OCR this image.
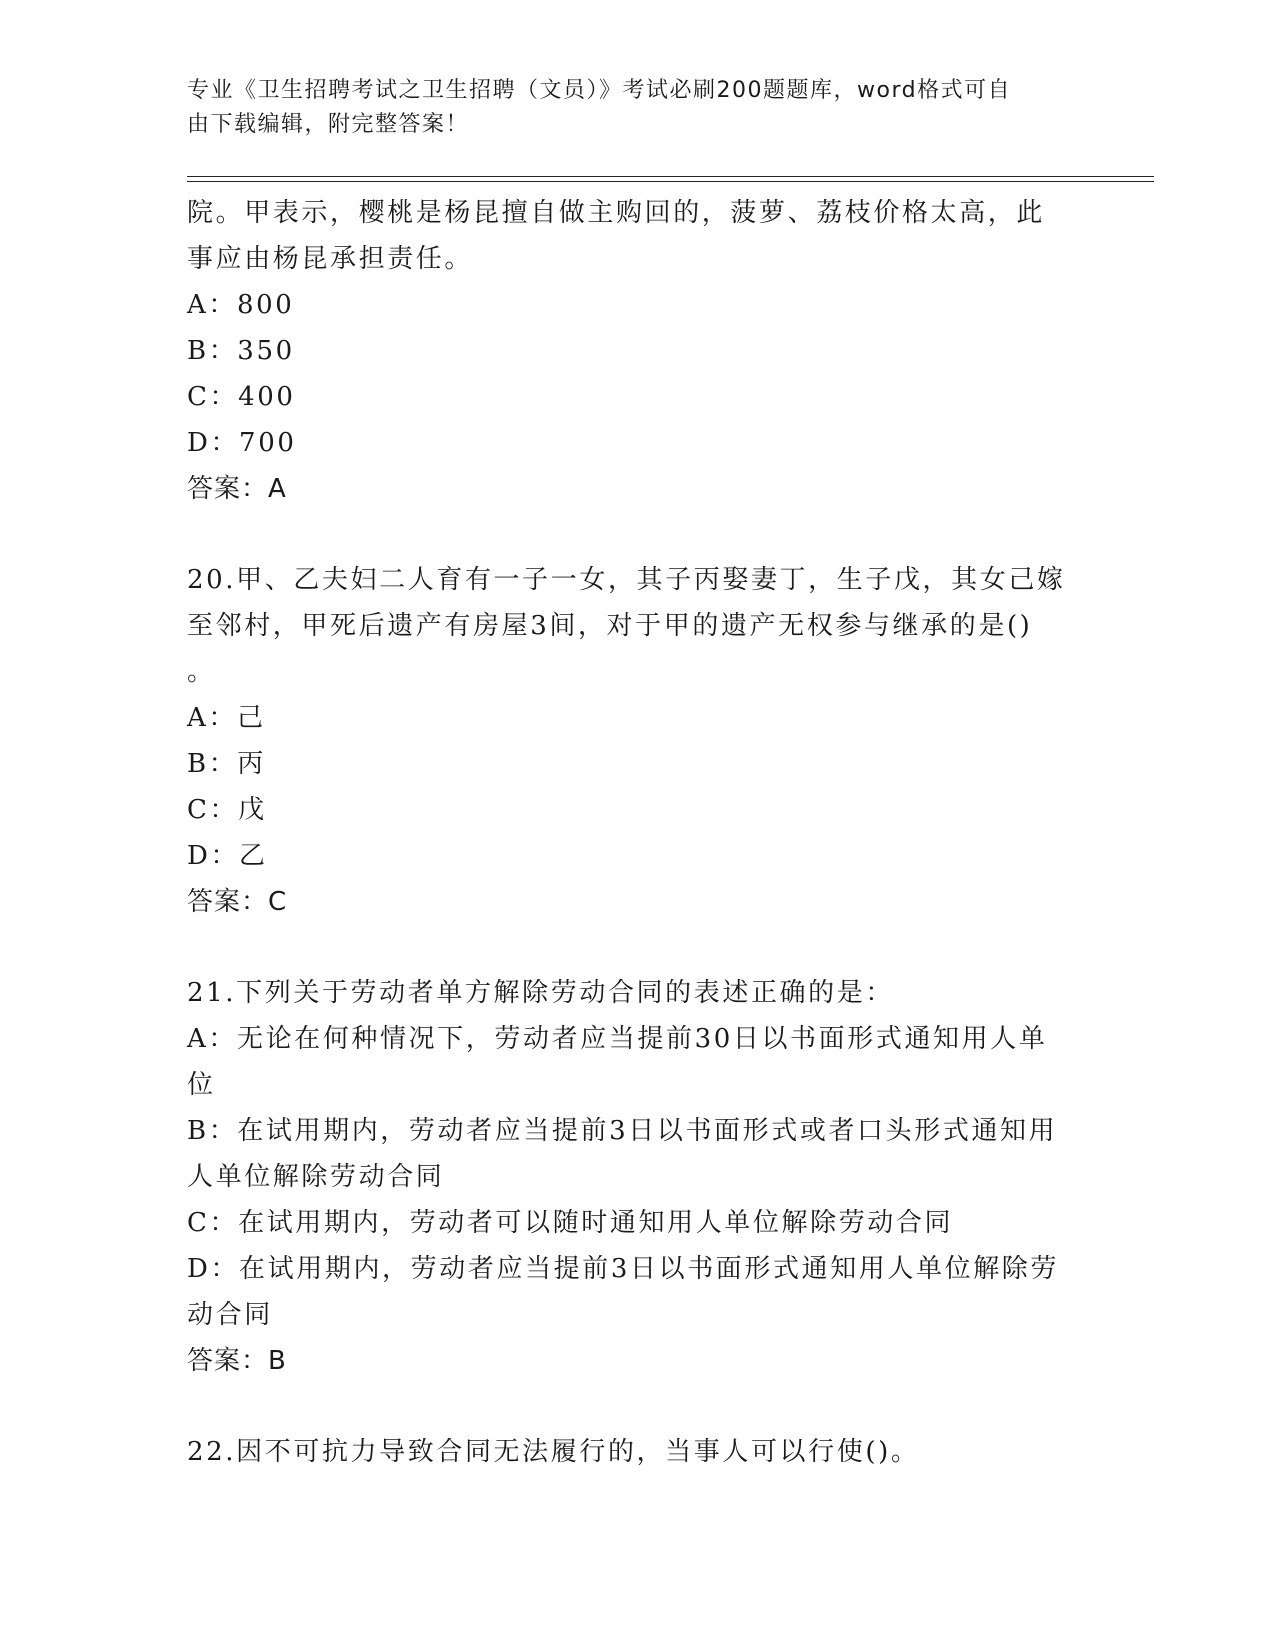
专业《卫生招聘考试之卫生招聘（文员）》考试必刷200题题库，word格式可自
由下载编辑，附完整答案！
院。甲表示，樱桃是杨昆擅自做主购回的，菠萝、荔枝价格太高，此
事应由杨昆承担责任。
A：800
B：350
C：400
D：700
答案：A
20.甲、乙夫妇二人育有一子一女，其子丙娶妻丁，生子戊，其女己嫁
至邻村，甲死后遗产有房屋3间，对于甲的遗产无权参与继承的是()
。
A：己
B：丙
C：戊
D：乙
答案：C
21.下列关于劳动者单方解除劳动合同的表述正确的是：
A：无论在何种情况下，劳动者应当提前30日以书面形式通知用人单
位
B：在试用期内，劳动者应当提前3日以书面形式或者口头形式通知用
人单位解除劳动合同
C：在试用期内，劳动者可以随时通知用人单位解除劳动合同
D：在试用期内，劳动者应当提前3日以书面形式通知用人单位解除劳
动合同
答案：B
22.因不可抗力导致合同无法履行的，当事人可以行使()。
